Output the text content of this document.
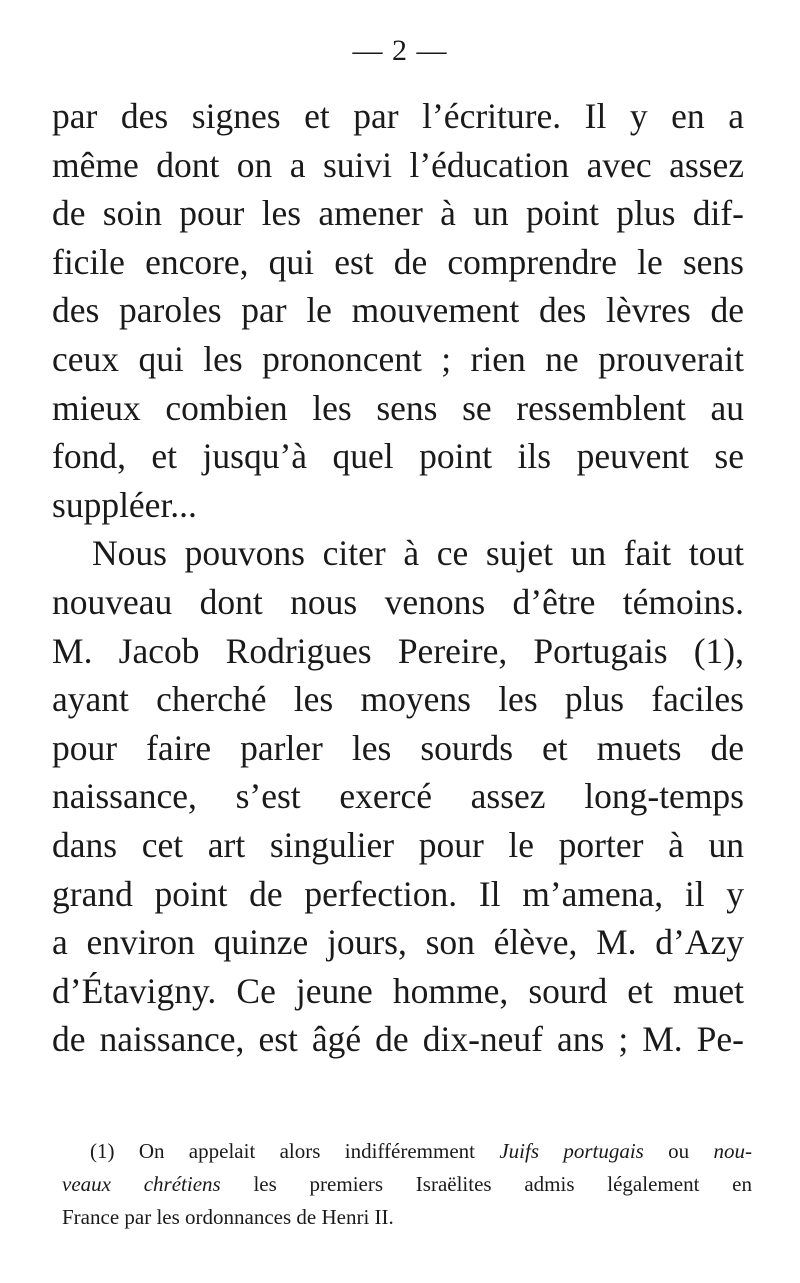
— 2 —
par des signes et par l’écriture. Il y en a
même dont on a suivi l’éducation avec assez
de soin pour les amener à un point plus dif-
ficile encore, qui est de comprendre le sens
des paroles par le mouvement des lèvres de
ceux qui les prononcent ; rien ne prouverait
mieux combien les sens se ressemblent au
fond, et jusqu’à quel point ils peuvent se
suppléer...
Nous pouvons citer à ce sujet un fait tout
nouveau dont nous venons d’être témoins.
M. Jacob Rodrigues Pereire, Portugais (1),
ayant cherché les moyens les plus faciles
pour faire parler les sourds et muets de
naissance, s’est exercé assez long-temps
dans cet art singulier pour le porter à un
grand point de perfection. Il m’amena, il y
a environ quinze jours, son élève, M. d’Azy
d’Étavigny. Ce jeune homme, sourd et muet
de naissance, est âgé de dix-neuf ans ; M. Pe-
(1) On appelait alors indifféremment Juifs portugais ou nou-
veaux chrétiens les premiers Israëlites admis légalement en
France par les ordonnances de Henri II.
